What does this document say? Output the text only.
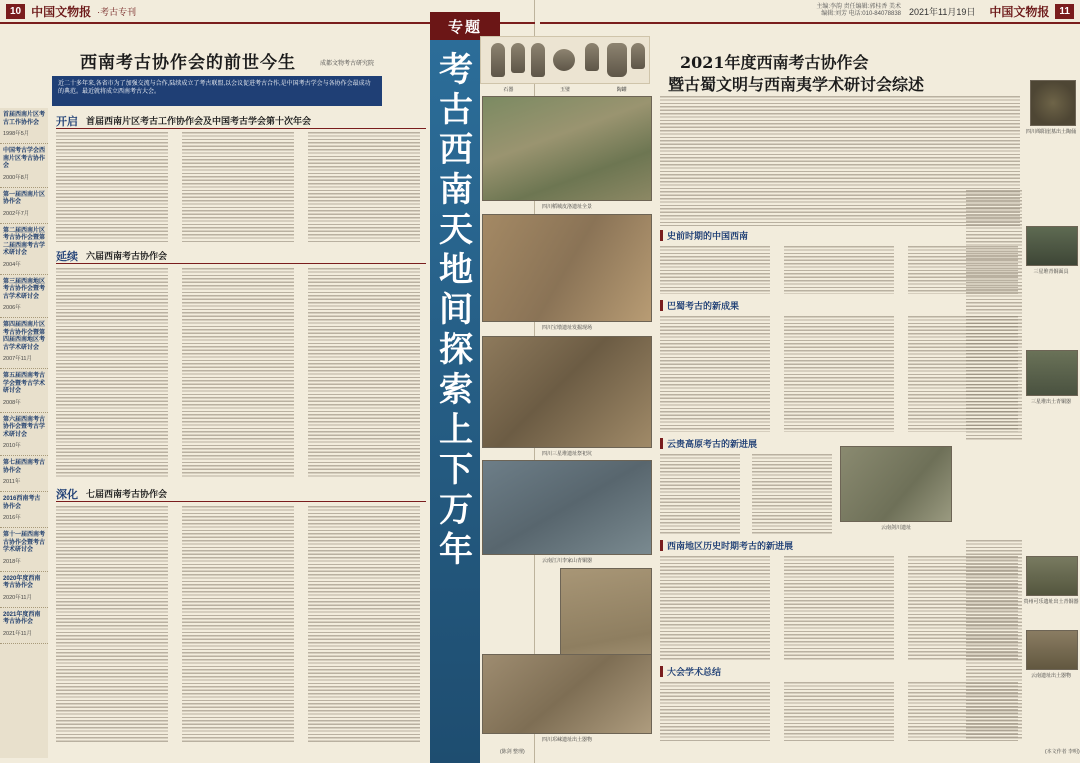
10 中国文物报 ·考古专刊
西南考古协作会的前世今生	成都文物考古研究院
近二十多年来,各省市为了加强交流与合作,陆续成立了考古联盟,以会议促进考古合作,是中国考古学会与各协作会最成功的典范。最近就将成立西南考古大会。
首届西南片区考古工作协作会
1998年5月
中国考古学会西南片区考古协作会
2000年8月
第一届西南片区协作会
2002年7月
第二届西南片区考古协作会暨第二届西南考古学术研讨会
2004年
第三届西南地区考古协作会暨考古学术研讨会
2006年
第四届西南片区考古协作会暨第四届西南地区考古学术研讨会
2007年11月
第五届西南考古学会暨考古学术研讨会
2008年
第六届西南考古协作会暨考古学术研讨会
2010年
第七届西南考古协作会
2011年
2016西南考古协作会
2016年
第十一届西南考古协作会暨考古学术研讨会
2018年
2020年度西南考古协作会
2020年11月
2021年度西南考古协作会
2021年11月
开启 首届西南片区考古工作协作会及中国考古学会第十次年会
延续 六届西南考古协作会
深化 七届西南考古协作会
(陈剑 整理)
专题
考古西南天地间 探索上下万年
主编:李韵 责任编辑:郭桂香 美术编辑:刘芳 电话:010-84078838 2021年11月19日 中国文物报	11
石器	玉璧	陶罐
2021年度西南考古协作会
暨古蜀文明与西南夷学术研讨会综述
四川稻城皮洛遗址全景
四川宝墩遗址发掘现场
四川三星堆遗址祭祀坑
云南江川李家山青铜器
四川邛崃遗址出土器物
云南剑川遗址
四川绵阳崖墓出土陶俑
三星堆青铜面具
三星堆出土青铜器
贵州可乐遗址出土青铜器
云南遗址出土器物
史前时期的中国西南
巴蜀考古的新成果
云贵高原考古的新进展
西南地区历史时期考古的新进展
大会学术总结
(本文作者 李明)
